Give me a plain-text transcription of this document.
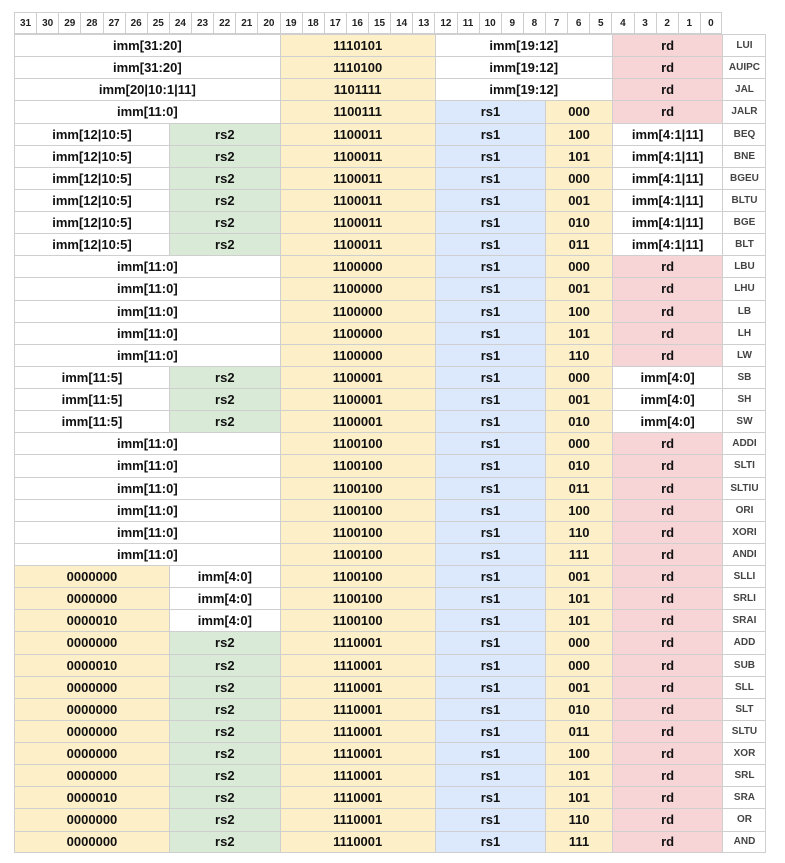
31	30	29	28	27	26	25	24	23	22	21	20	19	18	17	16	15	14	13	12	11	10	9	8	7	6	5	4	3	2	1	0
imm[31:20]	1110101	imm[19:12]	rd	LUI
imm[31:20]	1110100	imm[19:12]	rd	AUIPC
imm[20|10:1|11]	1101111	imm[19:12]	rd	JAL
imm[11:0]	1100111	rs1	000	rd	JALR
imm[12|10:5]	rs2	1100011	rs1	100	imm[4:1|11]	BEQ
imm[12|10:5]	rs2	1100011	rs1	101	imm[4:1|11]	BNE
imm[12|10:5]	rs2	1100011	rs1	000	imm[4:1|11]	BGEU
imm[12|10:5]	rs2	1100011	rs1	001	imm[4:1|11]	BLTU
imm[12|10:5]	rs2	1100011	rs1	010	imm[4:1|11]	BGE
imm[12|10:5]	rs2	1100011	rs1	011	imm[4:1|11]	BLT
imm[11:0]	1100000	rs1	000	rd	LBU
imm[11:0]	1100000	rs1	001	rd	LHU
imm[11:0]	1100000	rs1	100	rd	LB
imm[11:0]	1100000	rs1	101	rd	LH
imm[11:0]	1100000	rs1	110	rd	LW
imm[11:5]	rs2	1100001	rs1	000	imm[4:0]	SB
imm[11:5]	rs2	1100001	rs1	001	imm[4:0]	SH
imm[11:5]	rs2	1100001	rs1	010	imm[4:0]	SW
imm[11:0]	1100100	rs1	000	rd	ADDI
imm[11:0]	1100100	rs1	010	rd	SLTI
imm[11:0]	1100100	rs1	011	rd	SLTIU
imm[11:0]	1100100	rs1	100	rd	ORI
imm[11:0]	1100100	rs1	110	rd	XORI
imm[11:0]	1100100	rs1	111	rd	ANDI
0000000	imm[4:0]	1100100	rs1	001	rd	SLLI
0000000	imm[4:0]	1100100	rs1	101	rd	SRLI
0000010	imm[4:0]	1100100	rs1	101	rd	SRAI
0000000	rs2	1110001	rs1	000	rd	ADD
0000010	rs2	1110001	rs1	000	rd	SUB
0000000	rs2	1110001	rs1	001	rd	SLL
0000000	rs2	1110001	rs1	010	rd	SLT
0000000	rs2	1110001	rs1	011	rd	SLTU
0000000	rs2	1110001	rs1	100	rd	XOR
0000000	rs2	1110001	rs1	101	rd	SRL
0000010	rs2	1110001	rs1	101	rd	SRA
0000000	rs2	1110001	rs1	110	rd	OR
0000000	rs2	1110001	rs1	111	rd	AND
